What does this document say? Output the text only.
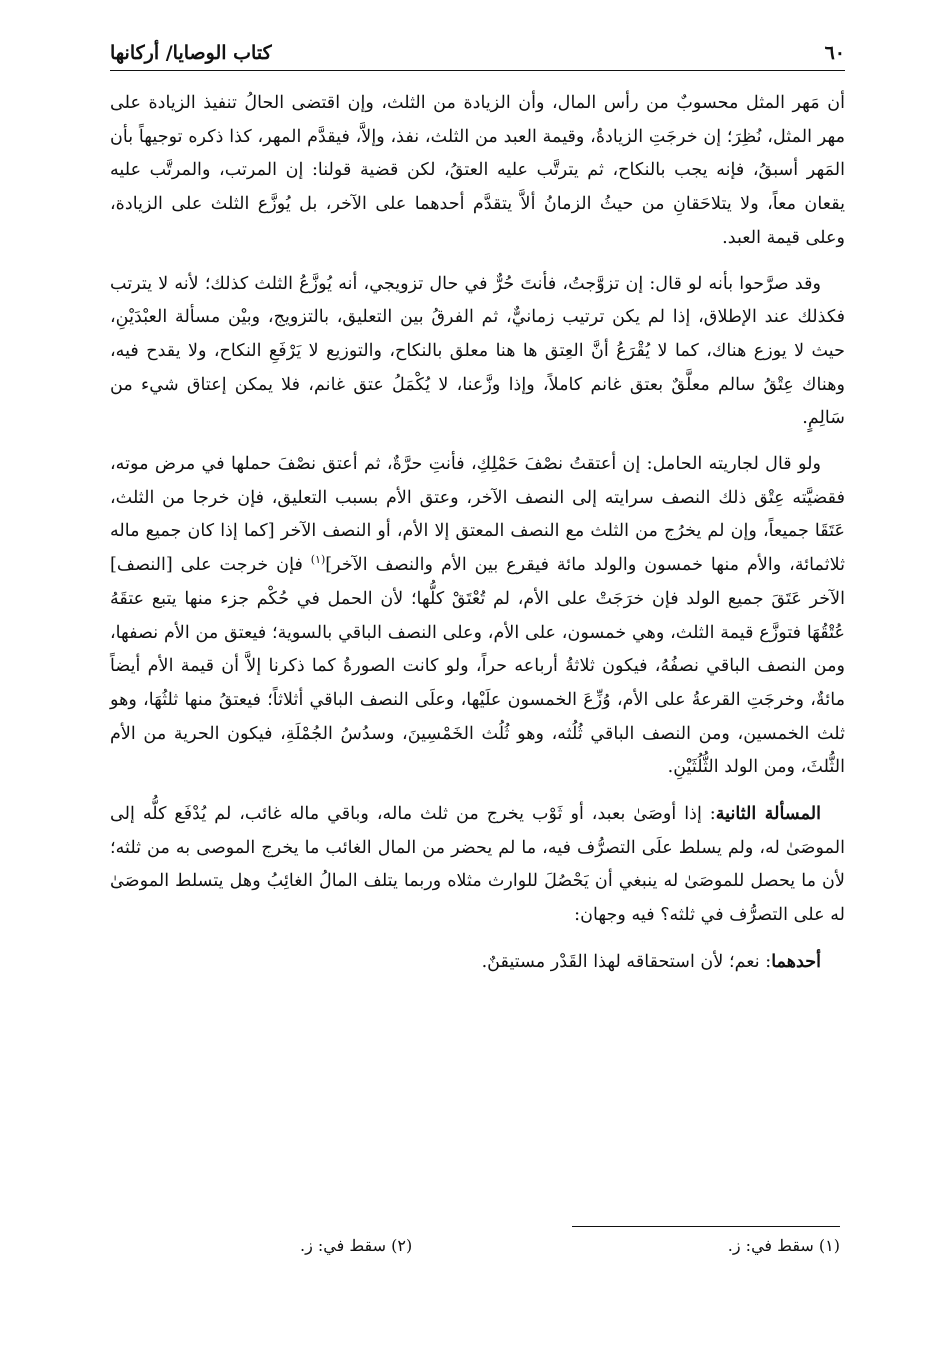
٦٠
كتاب الوصايا/ أركانها

أن مَهر المثل محسوبٌ من رأس المال، وأن الزيادة من الثلث، وإن اقتضى الحالُ تنفيذ الزيادة على مهر المثل، نُظِرَ؛ إن خرجَتِ الزيادةُ، وقيمة العبد من الثلث، نفذ، وإلاَّ، فيقدَّم المهر، كذا ذكره توجيهاً بأن المَهر أسبقُ، فإنه يجب بالنكاح، ثم يترتَّب عليه العتقُ، لكن قضية قولنا: إن المرتب، والمرتَّب عليه يقعان معاً، ولا يتلاحَقانِ من حيثُ الزمانُ ألاَّ يتقدَّم أحدهما على الآخر، بل يُوزَّع الثلث على الزيادة، وعلى قيمة العبد.

وقد صرَّحوا بأنه لو قال: إن تزوَّجتُ، فأنتَ حُرٌّ في حال تزويجي، أنه يُوزَّعُ الثلث كذلك؛ لأنه لا يترتب فكذلك عند الإطلاق، إذا لم يكن ترتيب زمانيٌّ، ثم الفرقُ بين التعليق، بالتزويج، وبيْن مسألة العبْدَيْنِ، حيث لا يوزع هناك، كما لا يُقْرَعُ أنَّ العِتق ها هنا معلق بالنكاح، والتوزيع لا يَرْفَعِ النكاح، ولا يقدح فيه، وهناك عِتْقُ سالم معلَّقٌ بعتق غانم كاملاً، وإذا وزَّعنا، لا يُكْمَلُ عتق غانم، فلا يمكن إعتاق شيء من سَالِمٍ.

ولو قال لجاريته الحامل: إن أعتقتُ نصْفَ حَمْلِكِ، فأنتِ حرَّةٌ، ثم أعتق نصْفَ حملها في مرض موته، فقضيَّته عِتْق ذلك النصف سرايته إلى النصف الآخر، وعتق الأم بسبب التعليق، فإن خرجا من الثلث، عَتَقَا جميعاً، وإن لم يخرُج من الثلث مع النصف المعتق إلا الأم، أو النصف الآخر [كما إذا كان جميع ماله ثلاثمائة، والأم منها خمسون والولد مائة فيقرع بين الأم والنصف الآخر]$^{(١)}$ فإن خرجت على [النصف] الآخر عَتَقَ جميع الولد فإن خرَجَتْ على الأم، لم تُعْتَقْ كلُّها؛ لأن الحمل في حُكْم جزء منها يتبع عتقَهُ عُتْقُهَا فتوزَّع قيمة الثلث، وهي خمسون، على الأم، وعلى النصف الباقي بالسوية؛ فيعتق من الأم نصفها، ومن النصف الباقي نصفُهُ، فيكون ثلاثةُ أرباعه حراً، ولو كانت الصورةُ كما ذكرنا إلاَّ أن قيمة الأم أيضاً مائةٌ، وخرجَتِ القرعةُ على الأم، وُزِّعَ الخمسون علَيْها، وعلَى النصف الباقي أثلاثاً؛ فيعتقُ منها ثلثُهَا، وهو ثلث الخمسين، ومن النصف الباقي ثُلُثه، وهو ثُلُث الخَمْسِينَ، وسدُسُ الجُمْلَةِ، فيكون الحرية من الأم الثُّلثَ، ومن الولد الثُّلُثَيْنِ.

المسألة الثانية: إذا أوصَىٰ بعبد، أو ثَوْب يخرج من ثلث ماله، وباقي ماله غائب، لم يُدْفَع كلُّه إلى الموصَىٰ له، ولم يسلط علَى التصرُّف فيه، ما لم يحضر من المال الغائب ما يخرج الموصى به من ثلثه؛ لأن ما يحصل للموصَىٰ له ينبغي أن يَحْصُلَ للوارث مثلاه وربما يتلف المالُ الغائِبُ وهل يتسلط الموصَىٰ له على التصرُّف في ثلثه؟ فيه وجهان:

أحدهما: نعم؛ لأن استحقاقه لهذا القَدْر مستيقنٌ.

(١) سقط في: ز.
(٢) سقط في: ز.
